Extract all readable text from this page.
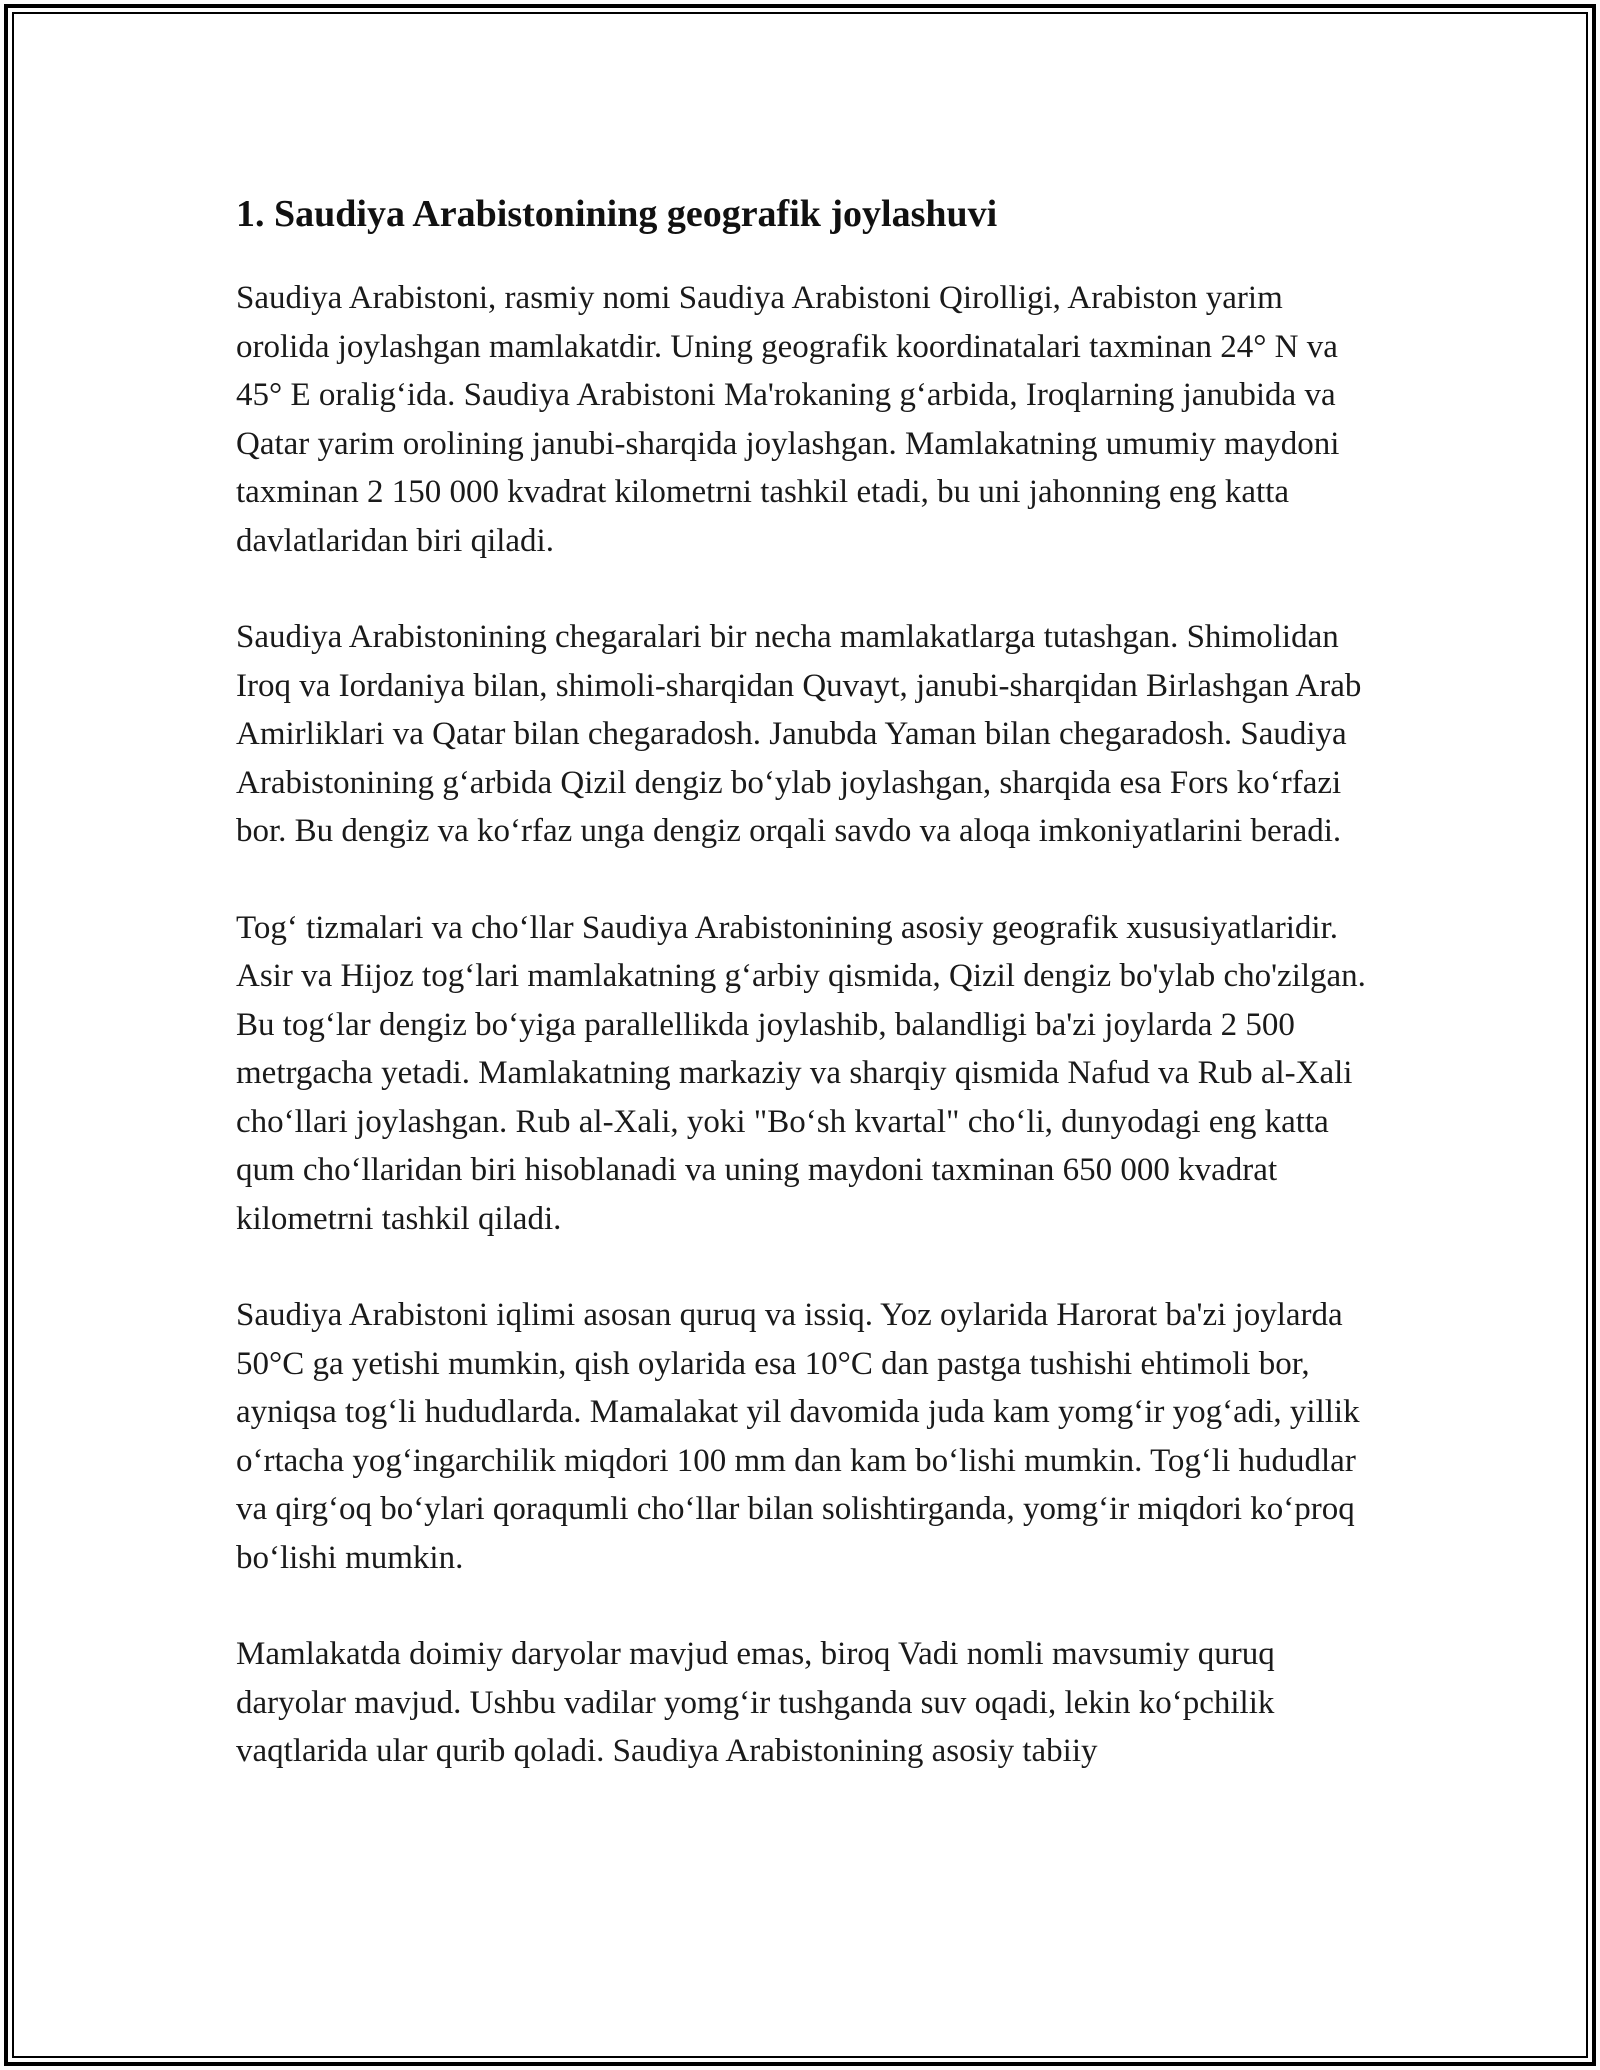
1. Saudiya Arabistonining geografik joylashuvi

Saudiya Arabistoni, rasmiy nomi Saudiya Arabistoni Qirolligi, Arabiston yarim orolida joylashgan mamlakatdir. Uning geografik koordinatalari taxminan 24° N va 45° E oralig‘ida. Saudiya Arabistoni Ma'rokaning g‘arbida, Iroqlarning janubida va Qatar yarim orolining janubi-sharqida joylashgan. Mamlakatning umumiy maydoni taxminan 2 150 000 kvadrat kilometrni tashkil etadi, bu uni jahonning eng katta davlatlaridan biri qiladi.

Saudiya Arabistonining chegaralari bir necha mamlakatlarga tutashgan. Shimolidan Iroq va Iordaniya bilan, shimoli-sharqidan Quvayt, janubi-sharqidan Birlashgan Arab Amirliklari va Qatar bilan chegaradosh. Janubda Yaman bilan chegaradosh. Saudiya Arabistonining g‘arbida Qizil dengiz bo‘ylab joylashgan, sharqida esa Fors ko‘rfazi bor. Bu dengiz va ko‘rfaz unga dengiz orqali savdo va aloqa imkoniyatlarini beradi.

Tog‘ tizmalari va cho‘llar Saudiya Arabistonining asosiy geografik xususiyatlaridir. Asir va Hijoz tog‘lari mamlakatning g‘arbiy qismida, Qizil dengiz bo'ylab cho'zilgan. Bu tog‘lar dengiz bo‘yiga parallellikda joylashib, balandligi ba'zi joylarda 2 500 metrgacha yetadi. Mamlakatning markaziy va sharqiy qismida Nafud va Rub al-Xali cho‘llari joylashgan. Rub al-Xali, yoki "Bo‘sh kvartal" cho‘li, dunyodagi eng katta qum cho‘llaridan biri hisoblanadi va uning maydoni taxminan 650 000 kvadrat kilometrni tashkil qiladi.

Saudiya Arabistoni iqlimi asosan quruq va issiq. Yoz oylarida Harorat ba'zi joylarda 50°C ga yetishi mumkin, qish oylarida esa 10°C dan pastga tushishi ehtimoli bor, ayniqsa tog‘li hududlarda. Mamalakat yil davomida juda kam yomg‘ir yog‘adi, yillik o‘rtacha yog‘ingarchilik miqdori 100 mm dan kam bo‘lishi mumkin. Tog‘li hududlar va qirg‘oq bo‘ylari qoraqumli cho‘llar bilan solishtirganda, yomg‘ir miqdori ko‘proq bo‘lishi mumkin.

Mamlakatda doimiy daryolar mavjud emas, biroq Vadi nomli mavsumiy quruq daryolar mavjud. Ushbu vadilar yomg‘ir tushganda suv oqadi, lekin ko‘pchilik vaqtlarida ular qurib qoladi. Saudiya Arabistonining asosiy tabiiy
